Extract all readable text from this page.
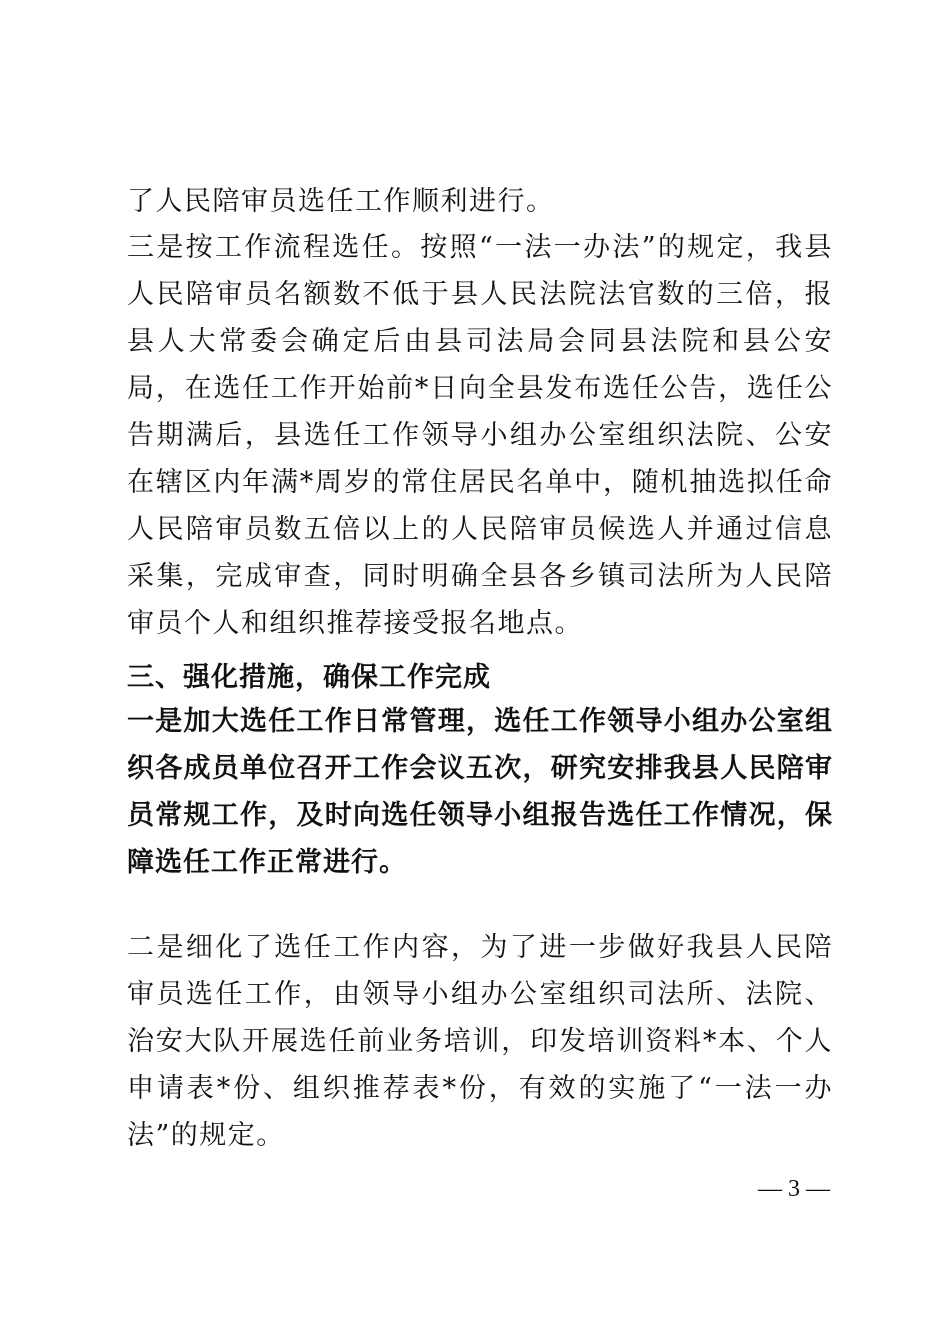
了人民陪审员选任工作顺利进行。

三是按工作流程选任。按照“一法一办法”的规定，我县人民陪审员名额数不低于县人民法院法官数的三倍，报县人大常委会确定后由县司法局会同县法院和县公安局，在选任工作开始前*日向全县发布选任公告，选任公告期满后，县选任工作领导小组办公室组织法院、公安在辖区内年满*周岁的常住居民名单中，随机抽选拟任命人民陪审员数五倍以上的人民陪审员候选人并通过信息采集，完成审查，同时明确全县各乡镇司法所为人民陪审员个人和组织推荐接受报名地点。

三、强化措施，确保工作完成

一是加大选任工作日常管理，选任工作领导小组办公室组织各成员单位召开工作会议五次，研究安排我县人民陪审员常规工作，及时向选任领导小组报告选任工作情况，保障选任工作正常进行。

二是细化了选任工作内容，为了进一步做好我县人民陪审员选任工作，由领导小组办公室组织司法所、法院、治安大队开展选任前业务培训，印发培训资料*本、个人申请表*份、组织推荐表*份，有效的实施了“一法一办法”的规定。

— 3 —
